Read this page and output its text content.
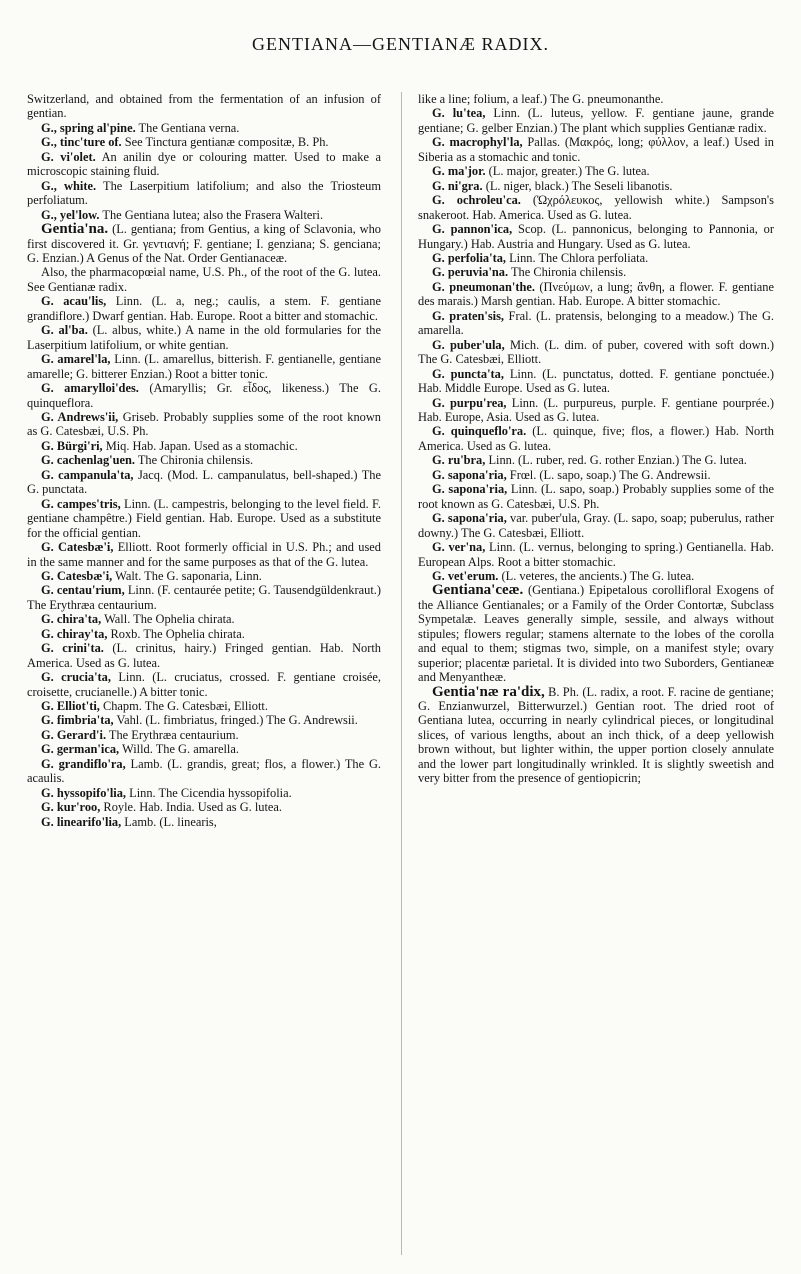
GENTIANA—GENTIANÆ RADIX.

Switzerland, and obtained from the fermentation of an infusion of gentian.

G., spring al'pine. The Gentiana verna.

G., tinc'ture of. See Tinctura gentianæ compositæ, B. Ph.

G. vi'olet. An anilin dye or colouring matter. Used to make a microscopic staining fluid.

G., white. The Laserpitium latifolium; and also the Triosteum perfoliatum.

G., yel'low. The Gentiana lutea; also the Frasera Walteri.

Gentia'na. (L. gentiana; from Gentius, a king of Sclavonia, who first discovered it. Gr. γεντιανή; F. gentiane; I. genziana; S. genciana; G. Enzian.) A Genus of the Nat. Order Gentianaceæ.

Also, the pharmacopœial name, U.S. Ph., of the root of the G. lutea. See Gentianæ radix.

G. acau'lis, Linn. (L. a, neg.; caulis, a stem. F. gentiane grandiflore.) Dwarf gentian. Hab. Europe. Root a bitter and stomachic.

G. al'ba. (L. albus, white.) A name in the old formularies for the Laserpitium latifolium, or white gentian.

G. amarel'la, Linn. (L. amarellus, bitterish. F. gentianelle, gentiane amarelle; G. bitterer Enzian.) Root a bitter tonic.

G. amarylloi'des. (Amaryllis; Gr. εἶδος, likeness.) The G. quinqueflora.

G. Andrews'ii, Griseb. Probably supplies some of the root known as G. Catesbæi, U.S. Ph.

G. Bürgi'ri, Miq. Hab. Japan. Used as a stomachic.

G. cachenlag'uen. The Chironia chilensis.

G. campanula'ta, Jacq. (Mod. L. campanulatus, bell-shaped.) The G. punctata.

G. campes'tris, Linn. (L. campestris, belonging to the level field. F. gentiane champêtre.) Field gentian. Hab. Europe. Used as a substitute for the official gentian.

G. Catesbæ'i, Elliott. Root formerly official in U.S. Ph.; and used in the same manner and for the same purposes as that of the G. lutea.

G. Catesbæ'i, Walt. The G. saponaria, Linn.

G. centau'rium, Linn. (F. centaurée petite; G. Tausendgüldenkraut.) The Erythræa centaurium.

G. chira'ta, Wall. The Ophelia chirata.

G. chiray'ta, Roxb. The Ophelia chirata.

G. crini'ta. (L. crinitus, hairy.) Fringed gentian. Hab. North America. Used as G. lutea.

G. crucia'ta, Linn. (L. cruciatus, crossed. F. gentiane croisée, croisette, crucianelle.) A bitter tonic.

G. Elliot'ti, Chapm. The G. Catesbæi, Elliott.

G. fimbria'ta, Vahl. (L. fimbriatus, fringed.) The G. Andrewsii.

G. Gerard'i. The Erythræa centaurium.

G. german'ica, Willd. The G. amarella.

G. grandiflo'ra, Lamb. (L. grandis, great; flos, a flower.) The G. acaulis.

G. hyssopifo'lia, Linn. The Cicendia hyssopifolia.

G. kur'roo, Royle. Hab. India. Used as G. lutea.

G. linearifo'lia, Lamb. (L. linearis,

like a line; folium, a leaf.) The G. pneumonanthe.

G. lu'tea, Linn. (L. luteus, yellow. F. gentiane jaune, grande gentiane; G. gelber Enzian.) The plant which supplies Gentianæ radix.

G. macrophyl'la, Pallas. (Μακρός, long; φύλλον, a leaf.) Used in Siberia as a stomachic and tonic.

G. ma'jor. (L. major, greater.) The G. lutea.

G. ni'gra. (L. niger, black.) The Seseli libanotis.

G. ochroleu'ca. (Ὠχρόλευκος, yellowish white.) Sampson's snakeroot. Hab. America. Used as G. lutea.

G. pannon'ica, Scop. (L. pannonicus, belonging to Pannonia, or Hungary.) Hab. Austria and Hungary. Used as G. lutea.

G. perfolia'ta, Linn. The Chlora perfoliata.

G. peruvia'na. The Chironia chilensis.

G. pneumonan'the. (Πνεύμων, a lung; ἄνθη, a flower. F. gentiane des marais.) Marsh gentian. Hab. Europe. A bitter stomachic.

G. praten'sis, Fral. (L. pratensis, belonging to a meadow.) The G. amarella.

G. puber'ula, Mich. (L. dim. of puber, covered with soft down.) The G. Catesbæi, Elliott.

G. puncta'ta, Linn. (L. punctatus, dotted. F. gentiane ponctuée.) Hab. Middle Europe. Used as G. lutea.

G. purpu'rea, Linn. (L. purpureus, purple. F. gentiane pourprée.) Hab. Europe, Asia. Used as G. lutea.

G. quinqueflo'ra. (L. quinque, five; flos, a flower.) Hab. North America. Used as G. lutea.

G. ru'bra, Linn. (L. ruber, red. G. rother Enzian.) The G. lutea.

G. sapona'ria, Frœl. (L. sapo, soap.) The G. Andrewsii.

G. sapona'ria, Linn. (L. sapo, soap.) Probably supplies some of the root known as G. Catesbæi, U.S. Ph.

G. sapona'ria, var. puber'ula, Gray. (L. sapo, soap; puberulus, rather downy.) The G. Catesbæi, Elliott.

G. ver'na, Linn. (L. vernus, belonging to spring.) Gentianella. Hab. European Alps. Root a bitter stomachic.

G. vet'erum. (L. veteres, the ancients.) The G. lutea.

Gentiana'ceæ. (Gentiana.) Epipetalous corollifloral Exogens of the Alliance Gentianales; or a Family of the Order Contortæ, Subclass Sympetalæ. Leaves generally simple, sessile, and always without stipules; flowers regular; stamens alternate to the lobes of the corolla and equal to them; stigmas two, simple, on a manifest style; ovary superior; placentæ parietal. It is divided into two Suborders, Gentianeæ and Menyantheæ.

Gentia'næ ra'dix, B. Ph. (L. radix, a root. F. racine de gentiane; G. Enzianwurzel, Bitterwurzel.) Gentian root. The dried root of Gentiana lutea, occurring in nearly cylindrical pieces, or longitudinal slices, of various lengths, about an inch thick, of a deep yellowish brown without, but lighter within, the upper portion closely annulate and the lower part longitudinally wrinkled. It is slightly sweetish and very bitter from the presence of gentiopicrin;
